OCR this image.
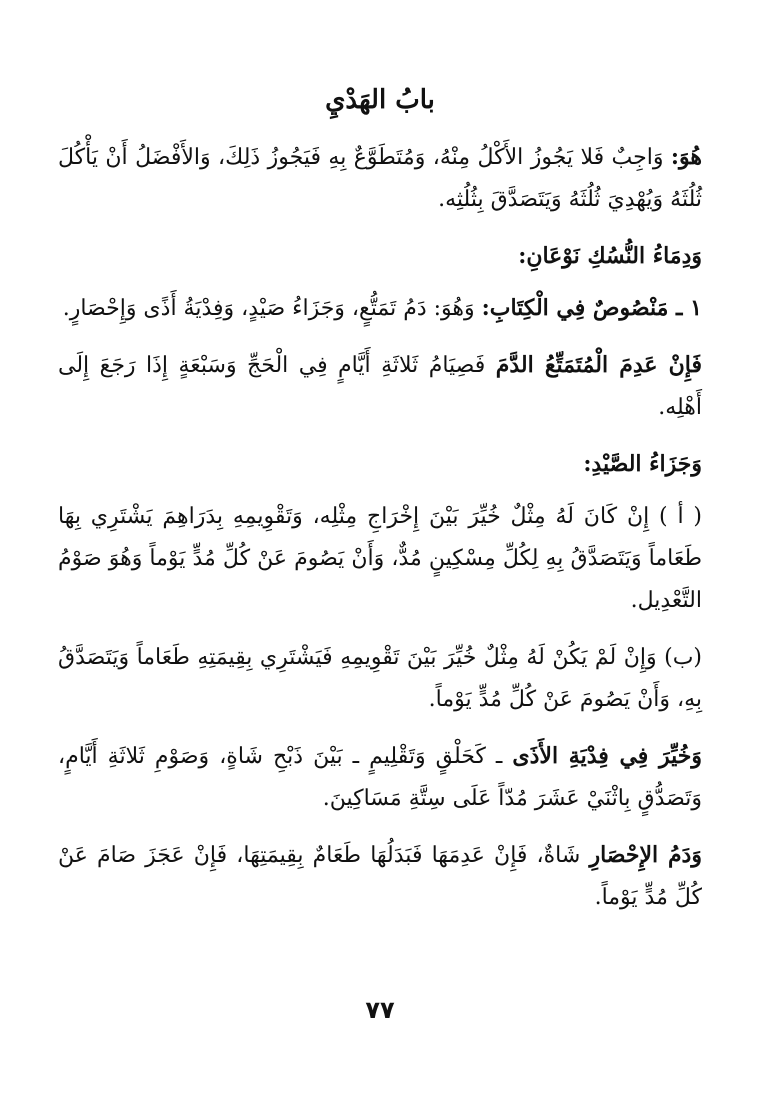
بابُ الهَدْيِ

هُوَ: وَاجِبٌ فَلا يَجُوزُ الأَكْلُ مِنْهُ، وَمُتَطَوَّعٌ بِهِ فَيَجُوزُ ذَلِكَ، وَالأَفْضَلُ أَنْ يَأْكُلَ ثُلُثَهُ وَيُهْدِيَ ثُلُثَهُ وَيَتَصَدَّقَ بِثُلُثِه.

وَدِمَاءُ النُّسُكِ نَوْعَانِ:

١ ـ مَنْصُوصٌ فِي الْكِتَابِ: وَهُوَ: دَمُ تَمَتُّعٍ، وَجَزَاءُ صَيْدٍ، وَفِدْيَةُ أَذًى وَإِحْصَارٍ.

فَإِنْ عَدِمَ الْمُتَمَتِّعُ الدَّمَ فَصِيَامُ ثَلاثَةِ أَيَّامٍ فِي الْحَجِّ وَسَبْعَةٍ إِذَا رَجَعَ إِلَى أَهْلِه.

وَجَزَاءُ الصَّيْدِ:

( أ ) إِنْ كَانَ لَهُ مِثْلٌ خُيِّرَ بَيْنَ إِخْرَاجِ مِثْلِه، وَتَقْوِيمِهِ بِدَرَاهِمَ يَشْتَرِي بِهَا طَعَاماً وَيَتَصَدَّقُ بِهِ لِكُلِّ مِسْكِينٍ مُدٌّ، وَأَنْ يَصُومَ عَنْ كُلِّ مُدٍّ يَوْماً وَهُوَ صَوْمُ التَّعْدِيل.

(ب) وَإِنْ لَمْ يَكُنْ لَهُ مِثْلٌ خُيِّرَ بَيْنَ تَقْوِيمِهِ فَيَشْتَرِي بِقِيمَتِهِ طَعَاماً وَيَتَصَدَّقُ بِهِ، وَأَنْ يَصُومَ عَنْ كُلِّ مُدٍّ يَوْماً.

وَخُيِّرَ فِي فِدْيَةِ الأَذَى ـ كَحَلْقٍ وَتَقْلِيمٍ ـ بَيْنَ ذَبْحِ شَاةٍ، وَصَوْمِ ثَلاثَةِ أَيَّامٍ، وَتَصَدُّقٍ بِاثْنَيْ عَشَرَ مُدّاً عَلَى سِتَّةِ مَسَاكِينَ.

وَدَمُ الإِحْصَارِ شَاةٌ، فَإِنْ عَدِمَهَا فَبَدَلُهَا طَعَامٌ بِقِيمَتِهَا، فَإِنْ عَجَزَ صَامَ عَنْ كُلِّ مُدٍّ يَوْماً.

٧٧
